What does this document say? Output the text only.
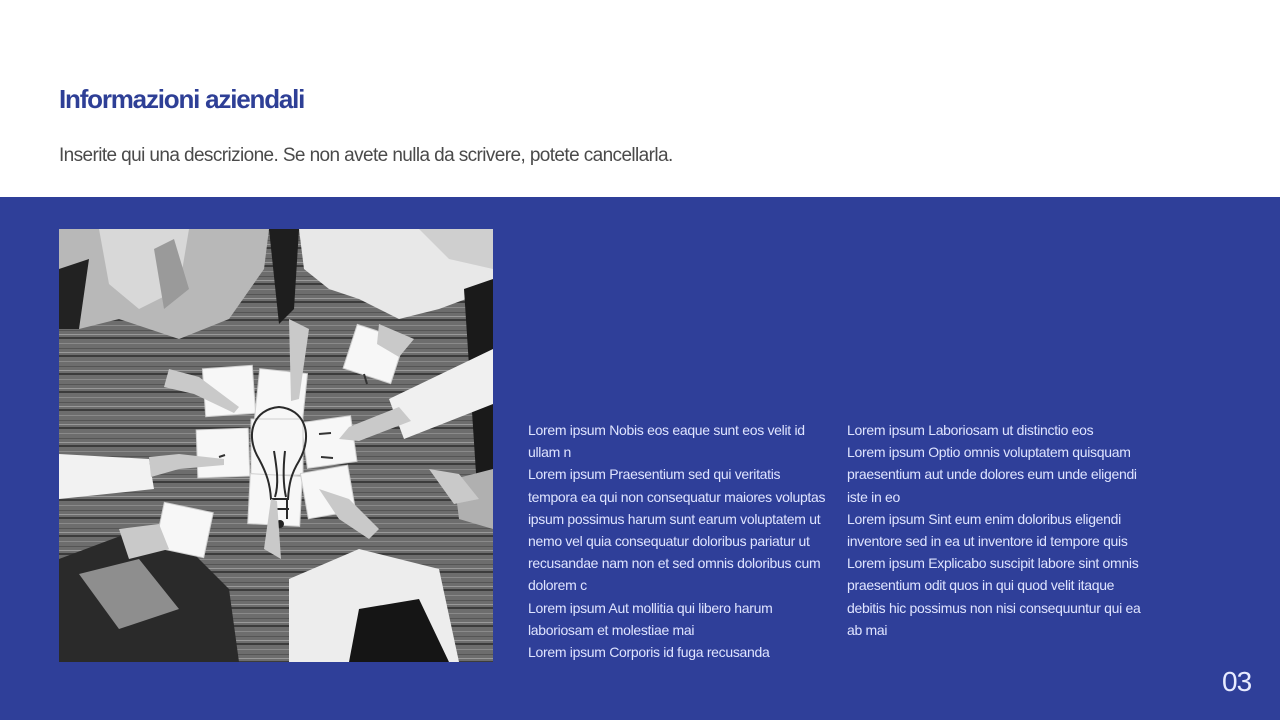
Informazioni aziendali

Inserite qui una descrizione. Se non avete nulla da scrivere, potete cancellarla.

Lorem ipsum Nobis eos eaque sunt eos velit id ullam n

Lorem ipsum Praesentium sed qui veritatis tempora ea qui non consequatur maiores voluptas ipsum possimus harum sunt earum voluptatem ut nemo vel quia consequatur doloribus pariatur ut recusandae nam non et sed omnis doloribus cum dolorem c

Lorem ipsum Aut mollitia qui libero harum laboriosam et molestiae mai

Lorem ipsum Corporis id fuga recusanda

Lorem ipsum Laboriosam ut distinctio eos

Lorem ipsum Optio omnis voluptatem quisquam praesentium aut unde dolores eum unde eligendi iste in eo

Lorem ipsum Sint eum enim doloribus eligendi inventore sed in ea ut inventore id tempore quis

Lorem ipsum Explicabo suscipit labore sint omnis praesentium odit quos in qui quod velit itaque debitis hic possimus non nisi consequuntur qui ea ab mai

03
